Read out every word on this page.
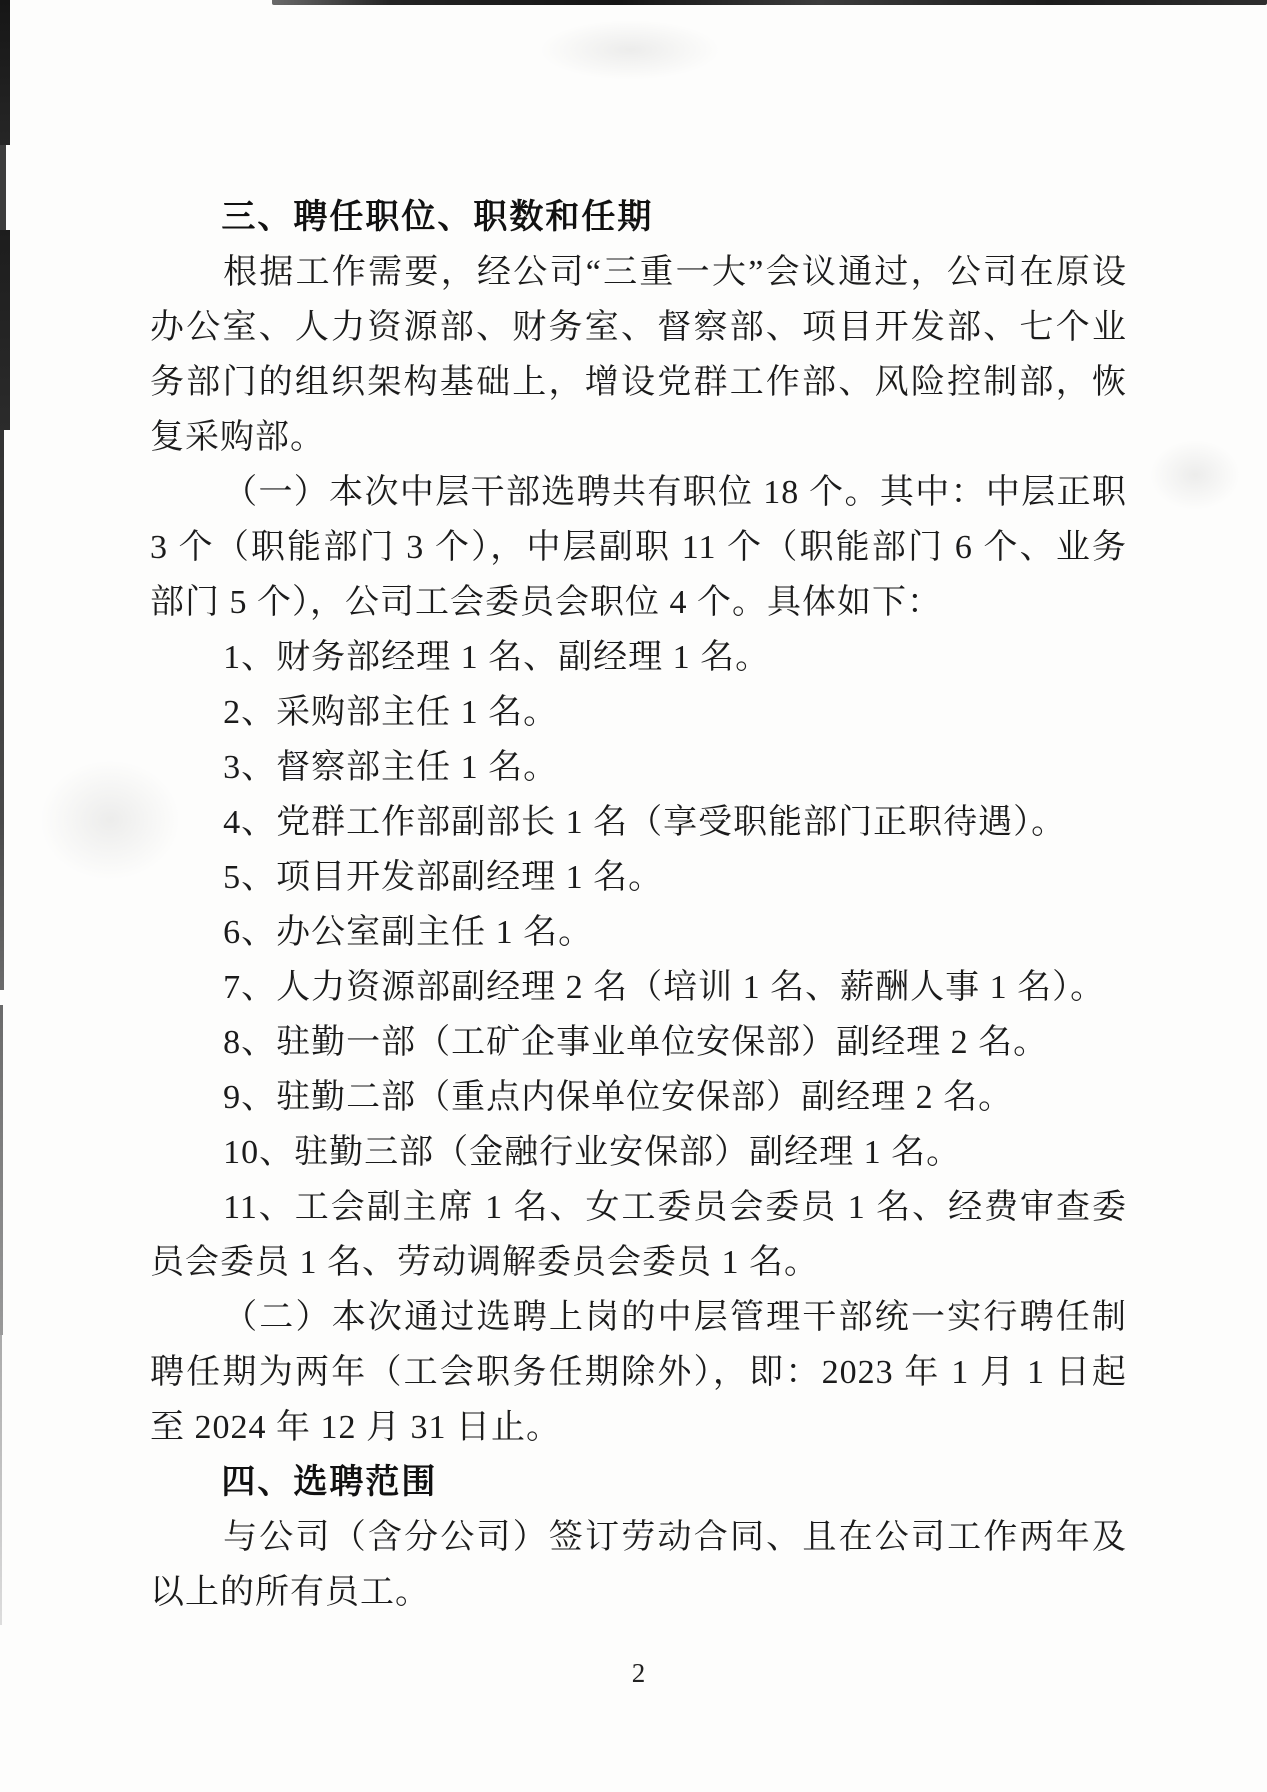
三、聘任职位、职数和任期

根据工作需要，经公司“三重一大”会议通过，公司在原设办公室、人力资源部、财务室、督察部、项目开发部、七个业务部门的组织架构基础上，增设党群工作部、风险控制部，恢复采购部。

（一）本次中层干部选聘共有职位 18 个。其中：中层正职 3 个（职能部门 3 个），中层副职 11 个（职能部门 6 个、业务部门 5 个），公司工会委员会职位 4 个。具体如下：

1、财务部经理 1 名、副经理 1 名。

2、采购部主任 1 名。

3、督察部主任 1 名。

4、党群工作部副部长 1 名（享受职能部门正职待遇）。

5、项目开发部副经理 1 名。

6、办公室副主任 1 名。

7、人力资源部副经理 2 名（培训 1 名、薪酬人事 1 名）。

8、驻勤一部（工矿企事业单位安保部）副经理 2 名。

9、驻勤二部（重点内保单位安保部）副经理 2 名。

10、驻勤三部（金融行业安保部）副经理 1 名。

11、工会副主席 1 名、女工委员会委员 1 名、经费审查委员会委员 1 名、劳动调解委员会委员 1 名。

（二）本次通过选聘上岗的中层管理干部统一实行聘任制聘任期为两年（工会职务任期除外），即：2023 年 1 月 1 日起至 2024 年 12 月 31 日止。

四、选聘范围

与公司（含分公司）签订劳动合同、且在公司工作两年及以上的所有员工。

2
